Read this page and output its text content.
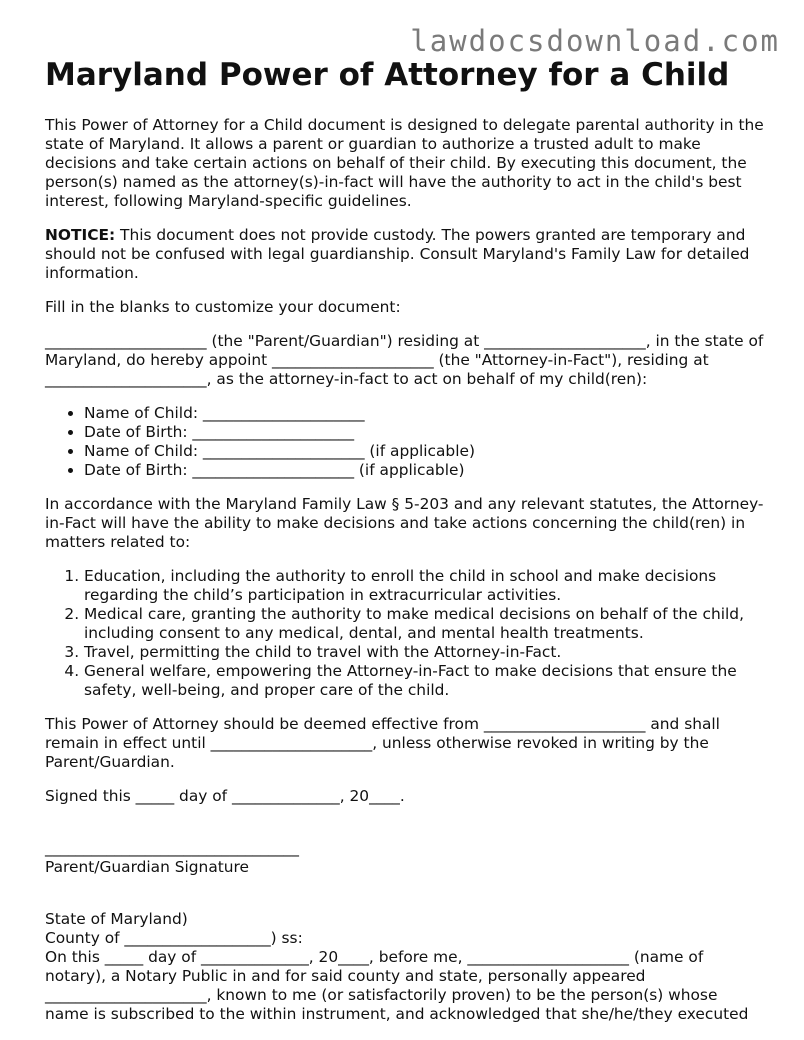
lawdocsdownload.com
Maryland Power of Attorney for a Child

This Power of Attorney for a Child document is designed to delegate parental authority in the state of Maryland. It allows a parent or guardian to authorize a trusted adult to make decisions and take certain actions on behalf of their child. By executing this document, the person(s) named as the attorney(s)-in-fact will have the authority to act in the child's best interest, following Maryland-specific guidelines.

NOTICE: This document does not provide custody. The powers granted are temporary and should not be confused with legal guardianship. Consult Maryland's Family Law for detailed information.

Fill in the blanks to customize your document:

_____________________ (the "Parent/Guardian") residing at _____________________, in the state of Maryland, do hereby appoint _____________________ (the "Attorney-in-Fact"), residing at _____________________, as the attorney-in-fact to act on behalf of my child(ren):

• Name of Child: _____________________
• Date of Birth: _____________________
• Name of Child: _____________________ (if applicable)
• Date of Birth: _____________________ (if applicable)

In accordance with the Maryland Family Law § 5-203 and any relevant statutes, the Attorney-in-Fact will have the ability to make decisions and take actions concerning the child(ren) in matters related to:

1. Education, including the authority to enroll the child in school and make decisions regarding the child’s participation in extracurricular activities.
2. Medical care, granting the authority to make medical decisions on behalf of the child, including consent to any medical, dental, and mental health treatments.
3. Travel, permitting the child to travel with the Attorney-in-Fact.
4. General welfare, empowering the Attorney-in-Fact to make decisions that ensure the safety, well-being, and proper care of the child.

This Power of Attorney should be deemed effective from _____________________ and shall remain in effect until _____________________, unless otherwise revoked in writing by the Parent/Guardian.

Signed this _____ day of ______________, 20____.

_________________________________

Parent/Guardian Signature

State of Maryland)

County of ___________________) ss:

On this _____ day of ______________, 20____, before me, _____________________ (name of notary), a Notary Public in and for said county and state, personally appeared _____________________, known to me (or satisfactorily proven) to be the person(s) whose name is subscribed to the within instrument, and acknowledged that she/he/they executed
